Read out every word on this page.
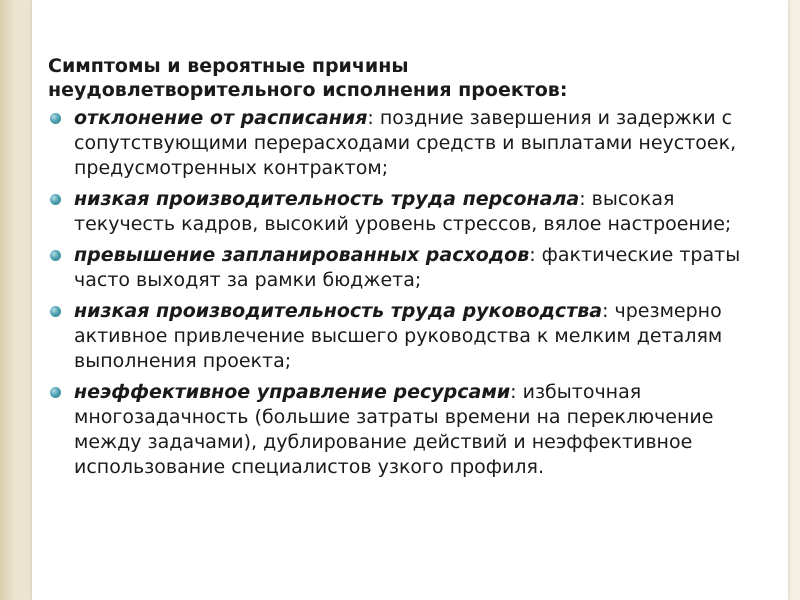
Симптомы и вероятные причины
неудовлетворительного исполнения проектов:
отклонение от расписания: поздние завершения и задержки с сопутствующими перерасходами средств и выплатами неустоек, предусмотренных контрактом;
низкая производительность труда персонала: высокая текучесть кадров, высокий уровень стрессов, вялое настроение;
превышение запланированных расходов: фактические траты часто выходят за рамки бюджета;
низкая производительность труда руководства: чрезмерно активное привлечение высшего руководства к мелким деталям выполнения проекта;
неэффективное управление ресурсами: избыточная многозадачность (большие затраты времени на переключение между задачами), дублирование действий и неэффективное использование специалистов узкого профиля.
